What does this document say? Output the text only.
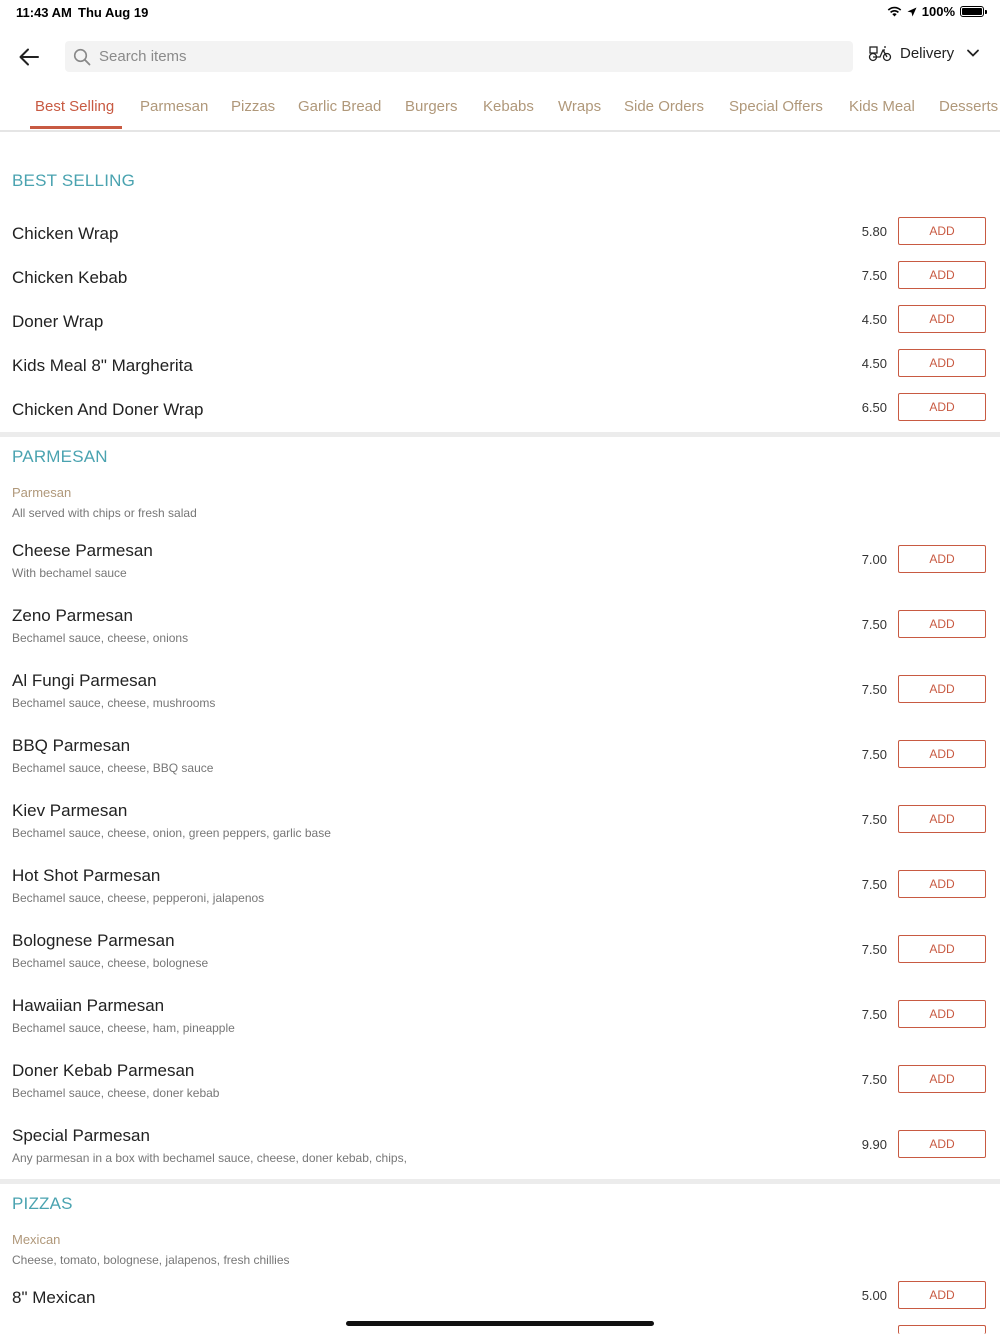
11:43 AM Thu Aug 19	100%
Search items
Delivery
Best Selling Parmesan Pizzas Garlic Bread Burgers Kebabs Wraps Side Orders Special Offers Kids Meal Desserts
BEST SELLING
Chicken Wrap	5.80	ADD
Chicken Kebab	7.50	ADD
Doner Wrap	4.50	ADD
Kids Meal 8" Margherita	4.50	ADD
Chicken And Doner Wrap	6.50	ADD
PARMESAN
Parmesan
All served with chips or fresh salad
Cheese Parmesan
With bechamel sauce
7.00	ADD
Zeno Parmesan
Bechamel sauce, cheese, onions
7.50	ADD
Al Fungi Parmesan
Bechamel sauce, cheese, mushrooms
7.50	ADD
BBQ Parmesan
Bechamel sauce, cheese, BBQ sauce
7.50	ADD
Kiev Parmesan
Bechamel sauce, cheese, onion, green peppers, garlic base
7.50	ADD
Hot Shot Parmesan
Bechamel sauce, cheese, pepperoni, jalapenos
7.50	ADD
Bolognese Parmesan
Bechamel sauce, cheese, bolognese
7.50	ADD
Hawaiian Parmesan
Bechamel sauce, cheese, ham, pineapple
7.50	ADD
Doner Kebab Parmesan
Bechamel sauce, cheese, doner kebab
7.50	ADD
Special Parmesan
Any parmesan in a box with bechamel sauce, cheese, doner kebab, chips,
9.90	ADD
PIZZAS
Mexican
Cheese, tomato, bolognese, jalapenos, fresh chillies
8" Mexican	5.00	ADD
